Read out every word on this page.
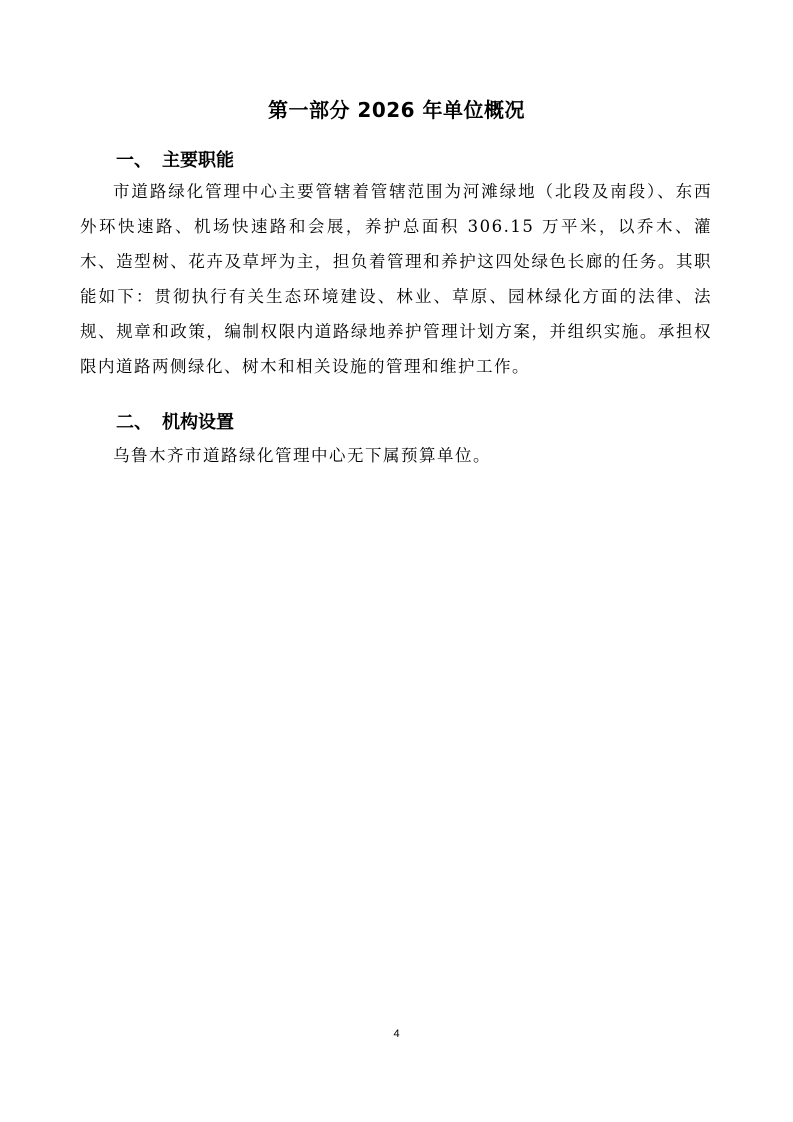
第一部分 2026 年单位概况
一、 主要职能
市道路绿化管理中心主要管辖着管辖范围为河滩绿地（北段及南段）、东西外环快速路、机场快速路和会展，养护总面积 306.15 万平米，以乔木、灌木、造型树、花卉及草坪为主，担负着管理和养护这四处绿色长廊的任务。其职能如下：贯彻执行有关生态环境建设、林业、草原、园林绿化方面的法律、法规、规章和政策，编制权限内道路绿地养护管理计划方案，并组织实施。承担权限内道路两侧绿化、树木和相关设施的管理和维护工作。
二、 机构设置
乌鲁木齐市道路绿化管理中心无下属预算单位。
4
